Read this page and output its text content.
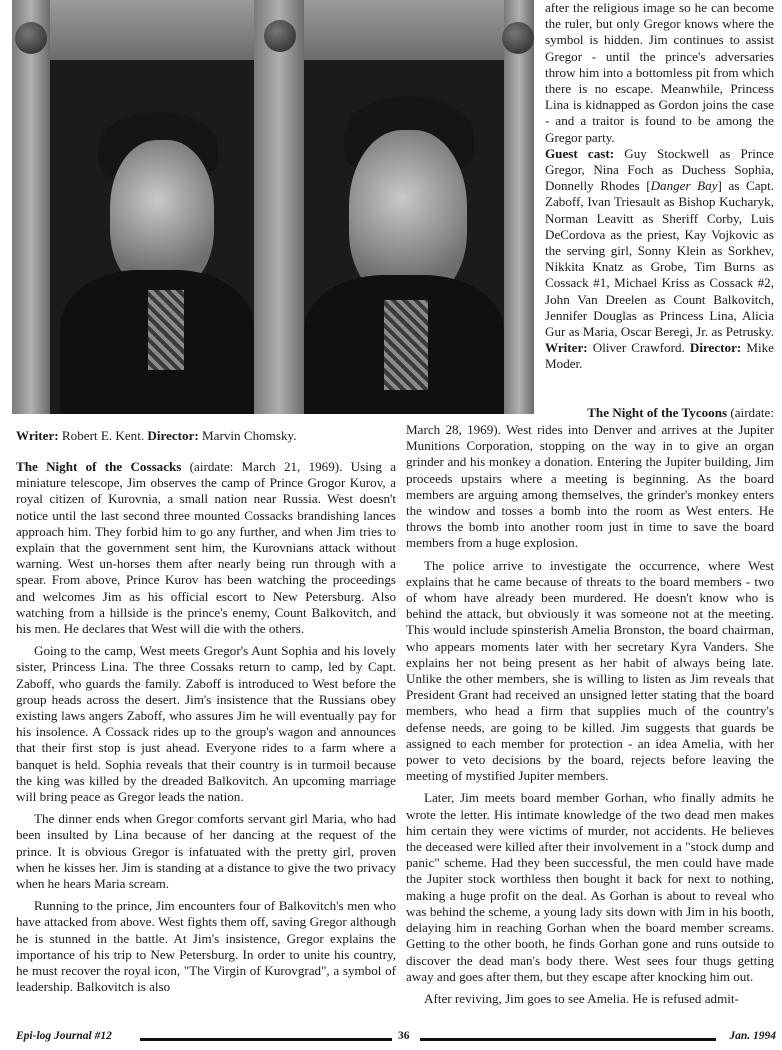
after the religious image so he can become the ruler, but only Gregor knows where the symbol is hidden. Jim continues to assist Gregor - until the prince's adversaries throw him into a bottomless pit from which there is no escape. Meanwhile, Princess Lina is kidnapped as Gordon joins the case - and a traitor is found to be among the Gregor party.

Guest cast: Guy Stockwell as Prince Gregor, Nina Foch as Duchess Sophia, Donnelly Rhodes [Danger Bay] as Capt. Zaboff, Ivan Triesault as Bishop Kucharyk, Norman Leavitt as Sheriff Corby, Luis DeCordova as the priest, Kay Vojkovic as the serving girl, Sonny Klein as Sorkhev, Nikkita Knatz as Grobe, Tim Burns as Cossack #1, Michael Kriss as Cossack #2, John Van Dreelen as Count Balkovitch, Jennifer Douglas as Princess Lina, Alicia Gur as Maria, Oscar Beregi, Jr. as Petrusky. Writer: Oliver Crawford. Director: Mike Moder.

The Night of the Tycoons (airdate:
Writer: Robert E. Kent. Director: Marvin Chomsky.

The Night of the Cossacks (airdate: March 21, 1969). Using a miniature telescope, Jim observes the camp of Prince Grogor Kurov, a royal citizen of Kurovnia, a small nation near Russia. West doesn't notice until the last second three mounted Cossacks brandishing lances approach him. They forbid him to go any further, and when Jim tries to explain that the government sent him, the Kurovnians attack without warning. West un-horses them after nearly being run through with a spear. From above, Prince Kurov has been watching the proceedings and welcomes Jim as his official escort to New Petersburg. Also watching from a hillside is the prince's enemy, Count Balkovitch, and his men. He declares that West will die with the others.

Going to the camp, West meets Gregor's Aunt Sophia and his lovely sister, Princess Lina. The three Cossaks return to camp, led by Capt. Zaboff, who guards the family. Zaboff is introduced to West before the group heads across the desert. Jim's insistence that the Russians obey existing laws angers Zaboff, who assures Jim he will eventually pay for his insolence. A Cossack rides up to the group's wagon and announces that their first stop is just ahead. Everyone rides to a farm where a banquet is held. Sophia reveals that their country is in turmoil because the king was killed by the dreaded Balkovitch. An upcoming marriage will bring peace as Gregor leads the nation.

The dinner ends when Gregor comforts servant girl Maria, who had been insulted by Lina because of her dancing at the request of the prince. It is obvious Gregor is infatuated with the pretty girl, proven when he kisses her. Jim is standing at a distance to give the two privacy when he hears Maria scream.

Running to the prince, Jim encounters four of Balkovitch's men who have attacked from above. West fights them off, saving Gregor although he is stunned in the battle. At Jim's insistence, Gregor explains the importance of his trip to New Petersburg. In order to unite his country, he must recover the royal icon, "The Virgin of Kurovgrad", a symbol of leadership. Balkovitch is also

March 28, 1969). West rides into Denver and arrives at the Jupiter Munitions Corporation, stopping on the way in to give an organ grinder and his monkey a donation. Entering the Jupiter building, Jim proceeds upstairs where a meeting is beginning. As the board members are arguing among themselves, the grinder's monkey enters the window and tosses a bomb into the room as West enters. He throws the bomb into another room just in time to save the board members from a huge explosion.

The police arrive to investigate the occurrence, where West explains that he came because of threats to the board members - two of whom have already been murdered. He doesn't know who is behind the attack, but obviously it was someone not at the meeting. This would include spinsterish Amelia Bronston, the board chairman, who appears moments later with her secretary Kyra Vanders. She explains her not being present as her habit of always being late. Unlike the other members, she is willing to listen as Jim reveals that President Grant had received an unsigned letter stating that the board members, who head a firm that supplies much of the country's defense needs, are going to be killed. Jim suggests that guards be assigned to each member for protection - an idea Amelia, with her power to veto decisions by the board, rejects before leaving the meeting of mystified Jupiter members.

Later, Jim meets board member Gorhan, who finally admits he wrote the letter. His intimate knowledge of the two dead men makes him certain they were victims of murder, not accidents. He believes the deceased were killed after their involvement in a "stock dump and panic" scheme. Had they been successful, the men could have made the Jupiter stock worthless then bought it back for next to nothing, making a huge profit on the deal. As Gorhan is about to reveal who was behind the scheme, a young lady sits down with Jim in his booth, delaying him in reaching Gorhan when the board member screams. Getting to the other booth, he finds Gorhan gone and runs outside to discover the dead man's body there. West sees four thugs getting away and goes after them, but they escape after knocking him out.

After reviving, Jim goes to see Amelia. He is refused admit-

Epi-log Journal #12	36	Jan. 1994
